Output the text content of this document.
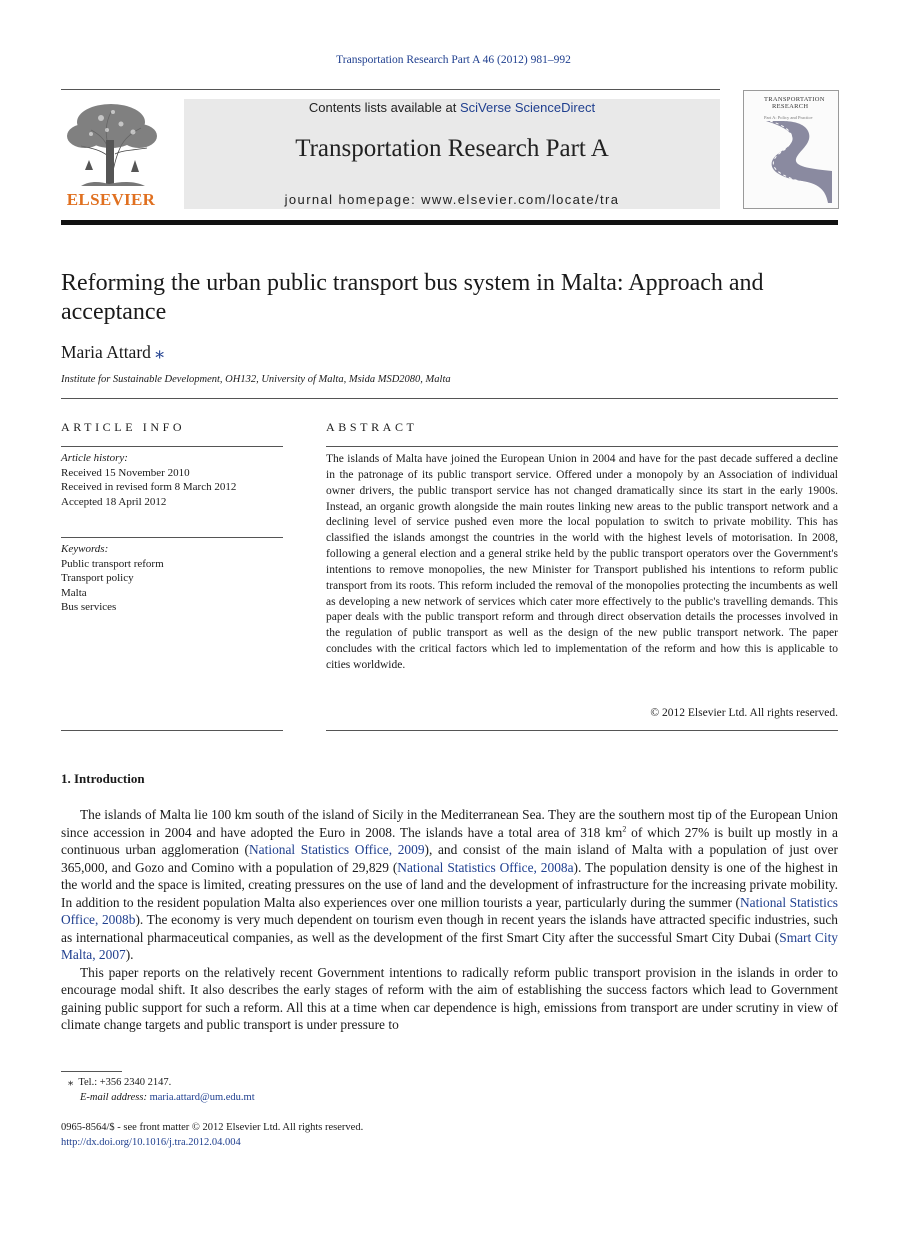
Transportation Research Part A 46 (2012) 981–992
ELSEVIER
Contents lists available at SciVerse ScienceDirect
Transportation Research Part A
journal homepage: www.elsevier.com/locate/tra
TRANSPORTATION
RESEARCH
Part A: Policy and Practice
Reforming the urban public transport bus system in Malta: Approach and acceptance
Maria Attard ⁎
Institute for Sustainable Development, OH132, University of Malta, Msida MSD2080, Malta
ARTICLE INFO
Article history:
Received 15 November 2010
Received in revised form 8 March 2012
Accepted 18 April 2012
Keywords:
Public transport reform
Transport policy
Malta
Bus services
ABSTRACT
The islands of Malta have joined the European Union in 2004 and have for the past decade suffered a decline in the patronage of its public transport service. Offered under a monopoly by an Association of individual owner drivers, the public transport service has not changed dramatically since its start in the early 1900s. Instead, an organic growth alongside the main routes linking new areas to the public transport network and a declining level of service pushed even more the local population to switch to private mobility. This has classified the islands amongst the countries in the world with the highest levels of motorisation. In 2008, following a general election and a general strike held by the public transport operators over the Government's intentions to remove monopolies, the new Minister for Transport published his intentions to reform public transport from its roots. This reform included the removal of the monopolies protecting the incumbents as well as developing a new network of services which cater more effectively to the public's travelling demands. This paper deals with the public transport reform and through direct observation details the processes involved in the regulation of public transport as well as the design of the new public transport network. The paper concludes with the critical factors which led to implementation of the reform and how this is applicable to cities worldwide.
© 2012 Elsevier Ltd. All rights reserved.
1. Introduction

The islands of Malta lie 100 km south of the island of Sicily in the Mediterranean Sea. They are the southern most tip of the European Union since accession in 2004 and have adopted the Euro in 2008. The islands have a total area of 318 $km^2$ of which 27% is built up mostly in a continuous urban agglomeration (National Statistics Office, 2009), and consist of the main island of Malta with a population of just over 365,000, and Gozo and Comino with a population of 29,829 (National Statistics Office, 2008a). The population density is one of the highest in the world and the space is limited, creating pressures on the use of land and the development of infrastructure for the increasing private mobility. In addition to the resident population Malta also experiences over one million tourists a year, particularly during the summer (National Statistics Office, 2008b). The economy is very much dependent on tourism even though in recent years the islands have attracted specific industries, such as international pharmaceutical companies, as well as the development of the first Smart City after the successful Smart City Dubai (Smart City Malta, 2007).

This paper reports on the relatively recent Government intentions to radically reform public transport provision in the islands in order to encourage modal shift. It also describes the early stages of reform with the aim of establishing the success factors which lead to Government gaining public support for such a reform. All this at a time when car dependence is high, emissions from transport are under scrutiny in view of climate change targets and public transport is under pressure to

⁎ Tel.: +356 2340 2147.
E-mail address: maria.attard@um.edu.mt
0965-8564/$ - see front matter © 2012 Elsevier Ltd. All rights reserved.
http://dx.doi.org/10.1016/j.tra.2012.04.004
